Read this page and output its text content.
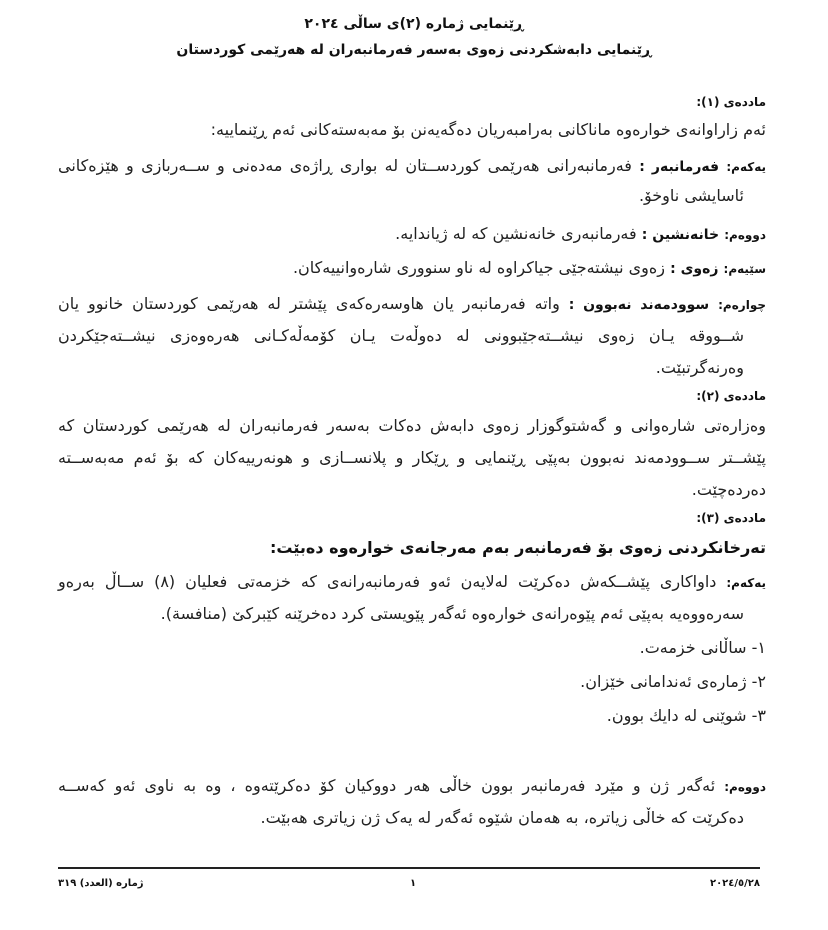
ڕێنمایی ژمارە (٢)ی ساڵی ٢٠٢٤
ڕێنمایی دابەشکردنی زەوی بەسەر فەرمانبەران لە هەرێمی کوردستان
ماددەی (١):
ئەم زاراوانەی خوارەوە ماناکانی بەرامبەریان دەگەیەنن بۆ مەبەستەکانی ئەم ڕێنماییە:
یەکەم: فەرمانبەر : فەرمانبەرانی هەرێمی کوردســتان لە بواری ڕاژەی مەدەنی و ســەربازی و هێزەکانی
ئاسایشی ناوخۆ.
دووەم: خانەنشین : فەرمانبەری خانەنشین کە لە ژیاندایە.
سێیەم: زەوی : زەوی نیشتەجێی جیاکراوە لە ناو سنووری شارەوانییەکان.
چوارەم: سوودمەند نەبوون : واتە فەرمانبەر یان هاوسەرەکەی پێشتر لە هەرێمی کوردستان خانوو یان
شــووقە یـان زەوی نیشــتەجێبوونی لە دەوڵەت یـان کۆمەڵەکـانی هەرەوەزی نیشــتەجێکردن
وەرنەگرتبێت.
ماددەی (٢):
وەزارەتی شارەوانی و گەشتوگوزار زەوی دابەش دەکات بەسەر فەرمانبەران لە هەرێمی کوردستان کە
پێشــتر ســوودمەند نەبوون بەپێی ڕێنمایی و ڕێکار و پلانســازی و هونەرییەکان کە بۆ ئەم مەبەســتە
دەردەچێت.
ماددەی (٣):
تەرخانکردنی زەوی بۆ فەرمانبەر بەم مەرجانەی خوارەوە دەبێت:
یەکەم: داواکاری پێشــکەش دەکرێت لەلایەن ئەو فەرمانبەرانەی کە خزمەتی فعلیان (٨) ســاڵ بەرەو
سەرەووەیە بەپێی ئەم پێوەرانەی خوارەوە ئەگەر پێویستی کرد دەخرێنە کێبرکێ (منافسة).
١- ساڵانی خزمەت.
٢- ژمارەی ئەندامانی خێزان.
٣- شوێنی لە دایك بوون.
دووەم: ئەگەر ژن و مێرد فەرمانبەر بوون خاڵی هەر دووکیان کۆ دەکرێتەوە ، وە بە ناوی ئەو کەســە
دەکرێت کە خاڵی زیاترە، بە هەمان شێوە ئەگەر لە یەک ژن زیاتری هەبێت.
٢٠٢٤/٥/٢٨
١
ژمارە (العدد) ٣١٩
